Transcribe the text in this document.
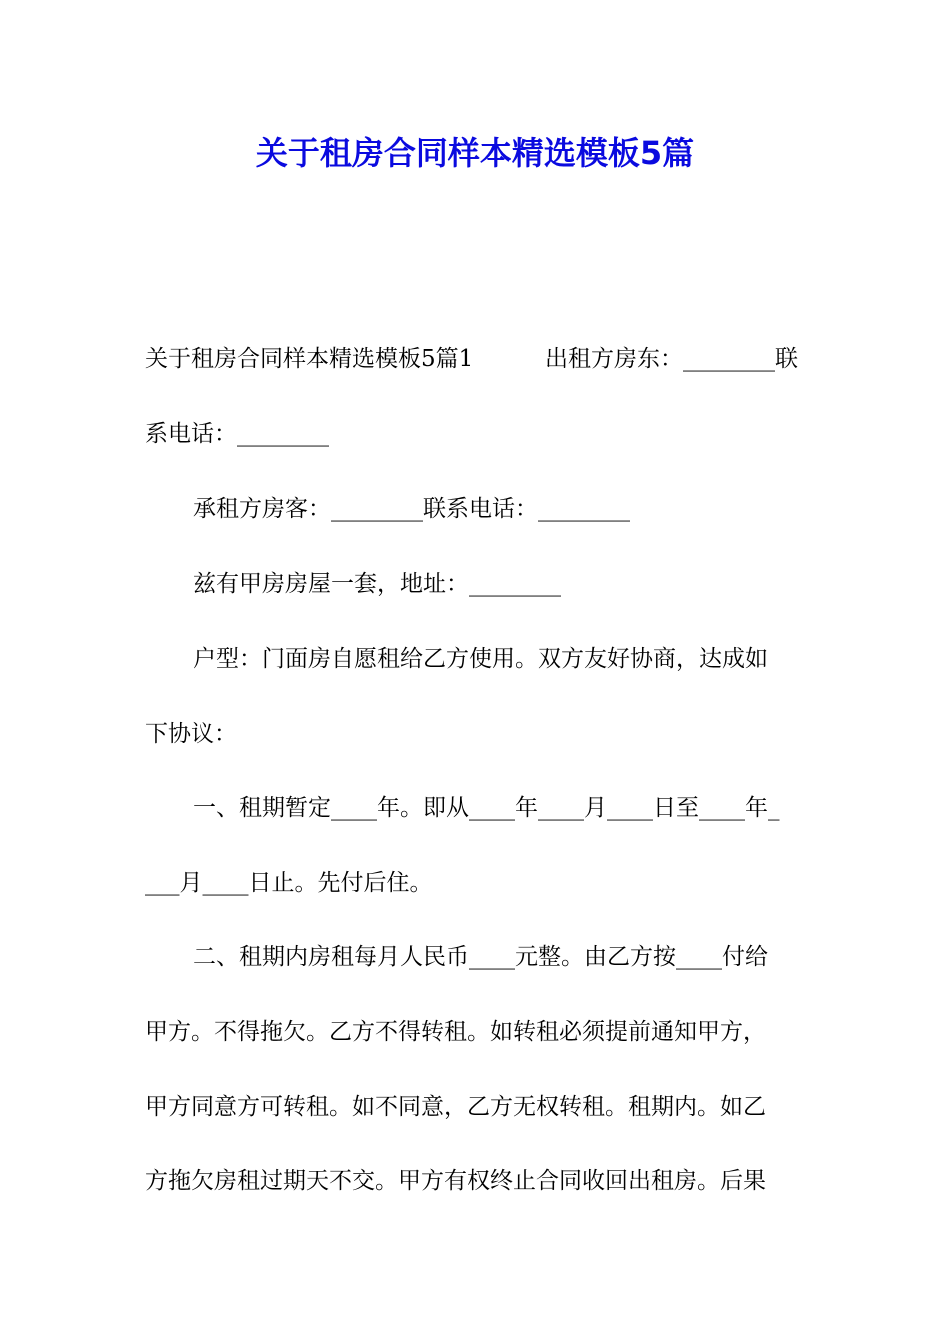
关于租房合同样本精选模板5篇
关于租房合同样本精选模板5篇1	出租方房东：________联
系电话：________
承租方房客：________联系电话：________
兹有甲房房屋一套，地址：________
户型：门面房自愿租给乙方使用。双方友好协商，达成如
下协议：
一、租期暂定____年。即从____年____月____日至____年_
___月____日止。先付后住。
二、租期内房租每月人民币____元整。由乙方按____付给
甲方。不得拖欠。乙方不得转租。如转租必须提前通知甲方，
甲方同意方可转租。如不同意，乙方无权转租。租期内。如乙
方拖欠房租过期天不交。甲方有权终止合同收回出租房。后果
